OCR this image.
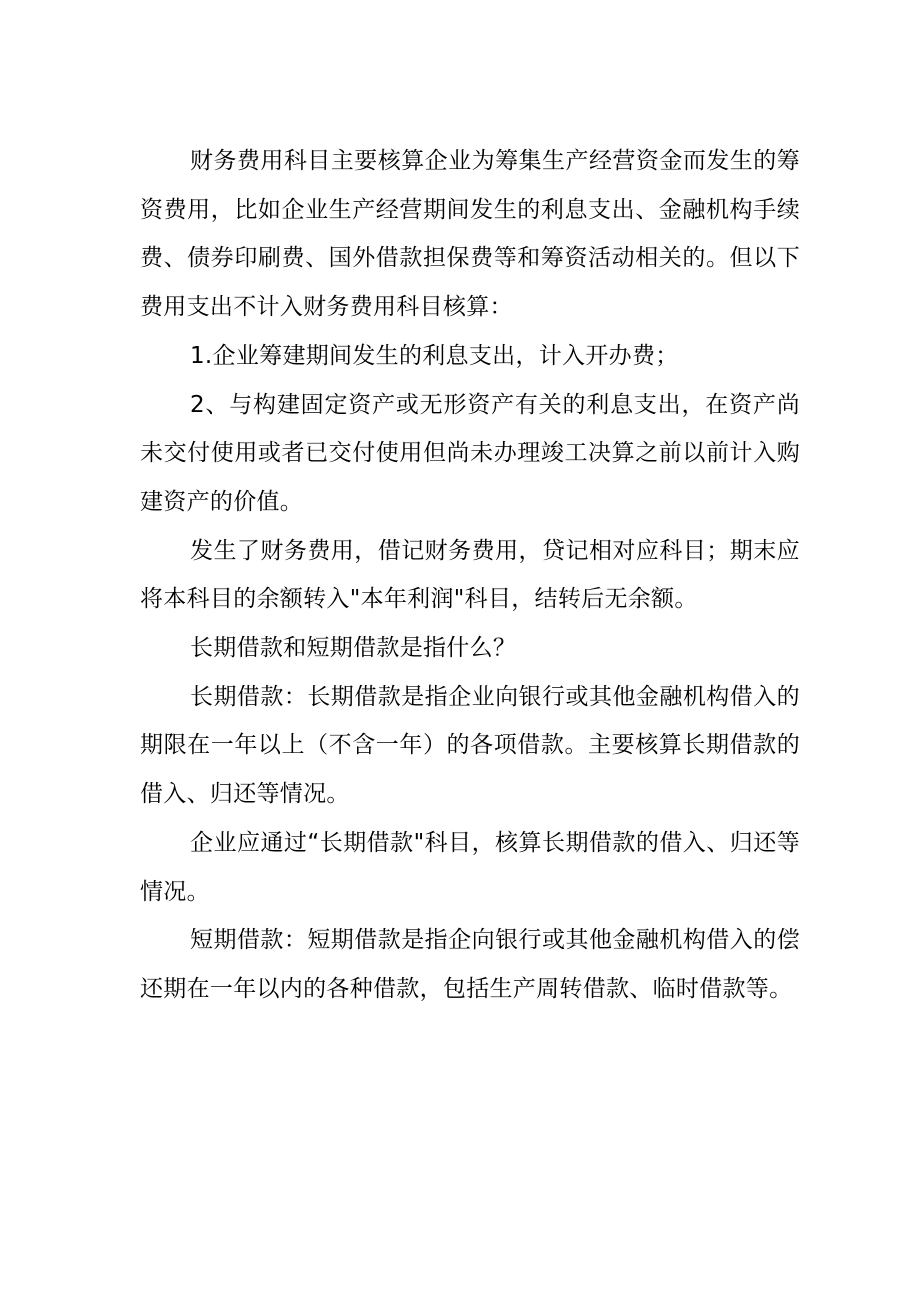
财务费用科目主要核算企业为筹集生产经营资金而发生的筹资费用，比如企业生产经营期间发生的利息支出、金融机构手续费、债券印刷费、国外借款担保费等和筹资活动相关的。但以下费用支出不计入财务费用科目核算：

1.企业筹建期间发生的利息支出，计入开办费；

2、与构建固定资产或无形资产有关的利息支出，在资产尚未交付使用或者已交付使用但尚未办理竣工决算之前以前计入购建资产的价值。

发生了财务费用，借记财务费用，贷记相对应科目；期末应将本科目的余额转入"本年利润"科目，结转后无余额。

长期借款和短期借款是指什么？

长期借款：长期借款是指企业向银行或其他金融机构借入的期限在一年以上（不含一年）的各项借款。主要核算长期借款的借入、归还等情况。

企业应通过“长期借款"科目，核算长期借款的借入、归还等情况。

短期借款：短期借款是指企向银行或其他金融机构借入的偿还期在一年以内的各种借款，包括生产周转借款、临时借款等。
